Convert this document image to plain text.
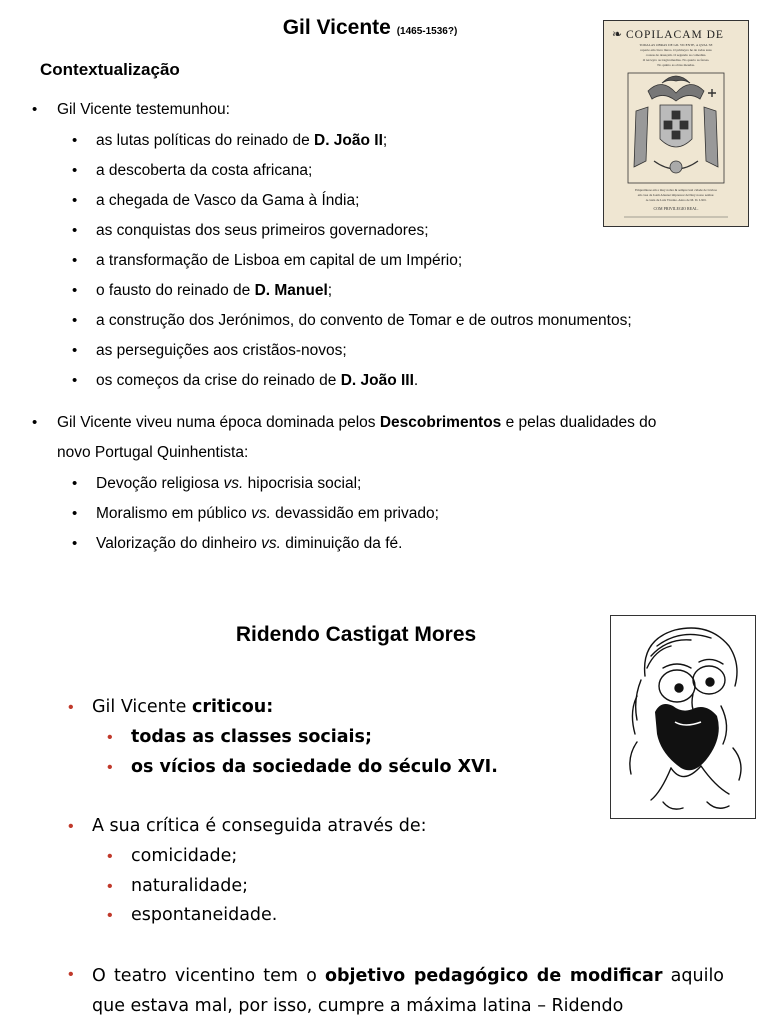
Gil Vicente (1465-1536?)
Contextualização
• Gil Vicente testemunhou:
• as lutas políticas do reinado de D. João II;
• a descoberta da costa africana;
• a chegada de Vasco da Gama à Índia;
• as conquistas dos seus primeiros governadores;
• a transformação de Lisboa em capital de um Império;
• o fausto do reinado de D. Manuel;
• a construção dos Jerónimos, do convento de Tomar e de outros monumentos;
• as perseguições aos cristãos-novos;
• os começos da crise do reinado de D. João III.
• Gil Vicente viveu numa época dominada pelos Descobrimentos e pelas dualidades do
novo Portugal Quinhentista:
• Devoção religiosa vs. hipocrisia social;
• Moralismo em público vs. devassidão em privado;
• Valorização do dinheiro vs. diminuição da fé.
❧ COPILACAM DE
TODALAS OBRAS DE GIL VICENTE, A QVAL SE
reparte em cinco liuros. O primeyro he de todas suas
cousas de deuaçam. O segundo as comedias.
O terceyro as tragicomedias. No quarto as farsas.
No quinto as obras meudas.
Empremiose em a muy nobre & sempre leal cidade de Lixboa
em casa de Ioam Aluarez impressor del Rey nosso senhor.
A custa de Luis Vicente. Anno de M. D. LXII.
COM PRIVILEGIO REAL.
Ridendo Castigat Mores
• Gil Vicente criticou:
• todas as classes sociais;
• os vícios da sociedade do século XVI.
• A sua crítica é conseguida através de:
• comicidade;
• naturalidade;
• espontaneidade.
• O teatro vicentino tem o objetivo pedagógico de modificar aquilo que estava mal, por isso, cumpre a máxima latina – Ridendo
